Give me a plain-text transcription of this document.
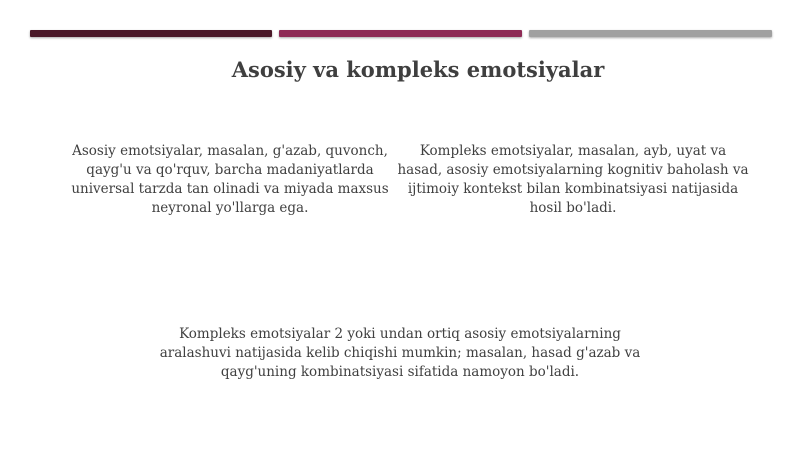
Asosiy va kompleks emotsiyalar

Asosiy emotsiyalar, masalan, g'azab, quvonch, qayg'u va qo'rquv, barcha madaniyatlarda universal tarzda tan olinadi va miyada maxsus neyronal yo'llarga ega.

Kompleks emotsiyalar, masalan, ayb, uyat va hasad, asosiy emotsiyalarning kognitiv baholash va ijtimoiy kontekst bilan kombinatsiyasi natijasida hosil bo'ladi.

Kompleks emotsiyalar 2 yoki undan ortiq asosiy emotsiyalarning aralashuvi natijasida kelib chiqishi mumkin; masalan, hasad g'azab va qayg'uning kombinatsiyasi sifatida namoyon bo'ladi.
